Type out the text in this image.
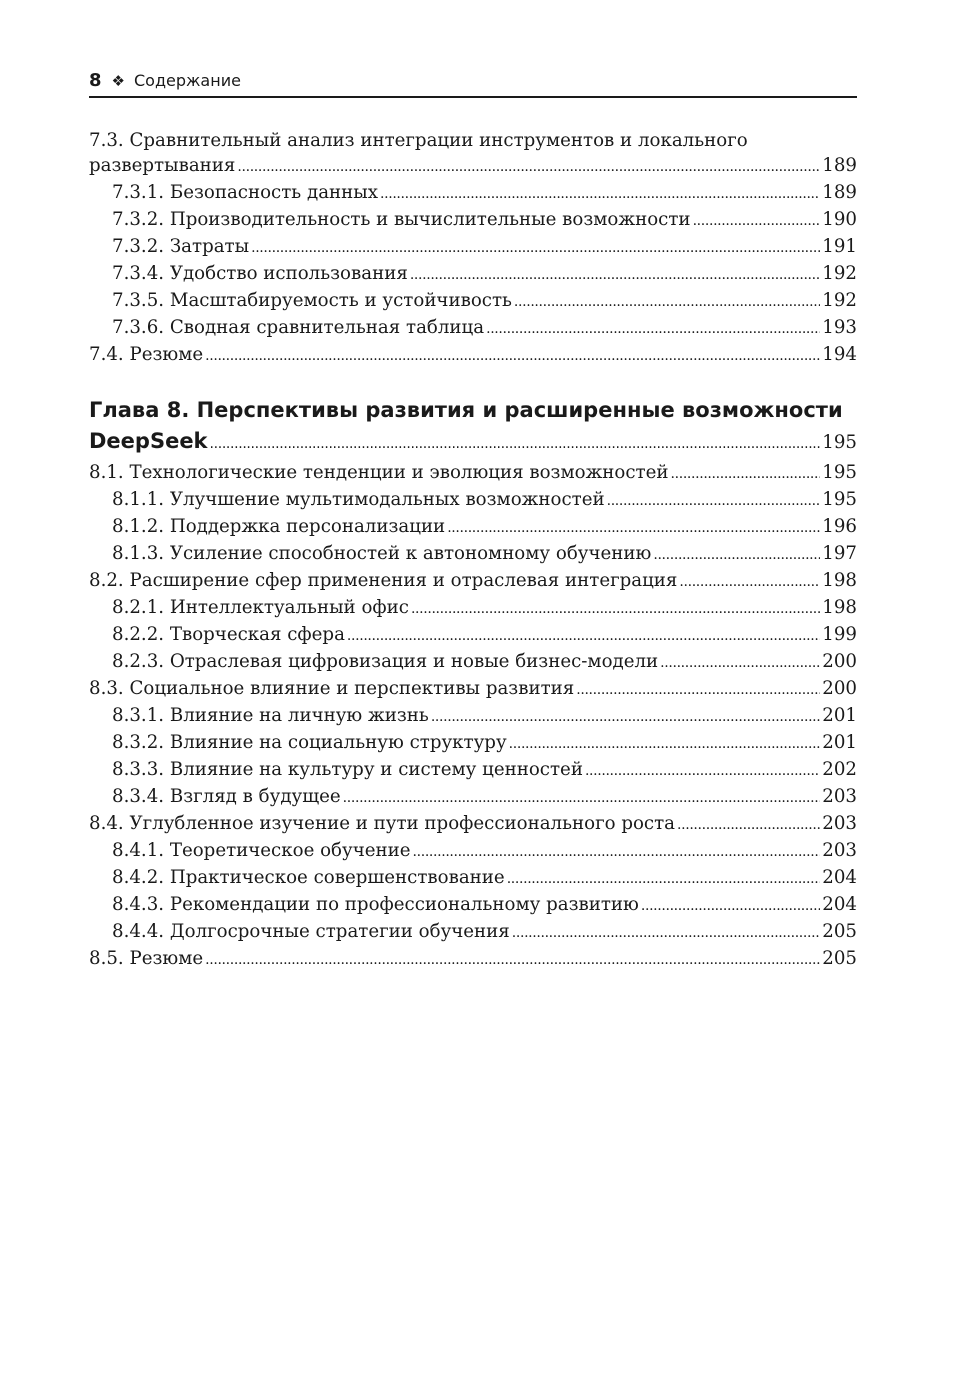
8 ❖ Содержание
7.3. Сравнительный анализ интеграции инструментов и локального
развертывания . . .	189
7.3.1. Безопасность данных . . .	189
7.3.2. Производительность и вычислительные возможности . . .	190
7.3.2. Затраты . . .	191
7.3.4. Удобство использования . . .	192
7.3.5. Масштабируемость и устойчивость . . .	192
7.3.6. Сводная сравнительная таблица . . .	193
7.4. Резюме . . .	194
Глава 8. Перспективы развития и расширенные возможности
DeepSeek . . .	195
8.1. Технологические тенденции и эволюция возможностей . . .	195
8.1.1. Улучшение мультимодальных возможностей . . .	195
8.1.2. Поддержка персонализации . . .	196
8.1.3. Усиление способностей к автономному обучению . . .	197
8.2. Расширение сфер применения и отраслевая интеграция . . .	198
8.2.1. Интеллектуальный офис . . .	198
8.2.2. Творческая сфера . . .	199
8.2.3. Отраслевая цифровизация и новые бизнес-модели . . .	200
8.3. Социальное влияние и перспективы развития . . .	200
8.3.1. Влияние на личную жизнь . . .	201
8.3.2. Влияние на социальную структуру . . .	201
8.3.3. Влияние на культуру и систему ценностей . . .	202
8.3.4. Взгляд в будущее . . .	203
8.4. Углубленное изучение и пути профессионального роста . . .	203
8.4.1. Теоретическое обучение . . .	203
8.4.2. Практическое совершенствование . . .	204
8.4.3. Рекомендации по профессиональному развитию . . .	204
8.4.4. Долгосрочные стратегии обучения . . .	205
8.5. Резюме . . .	205
